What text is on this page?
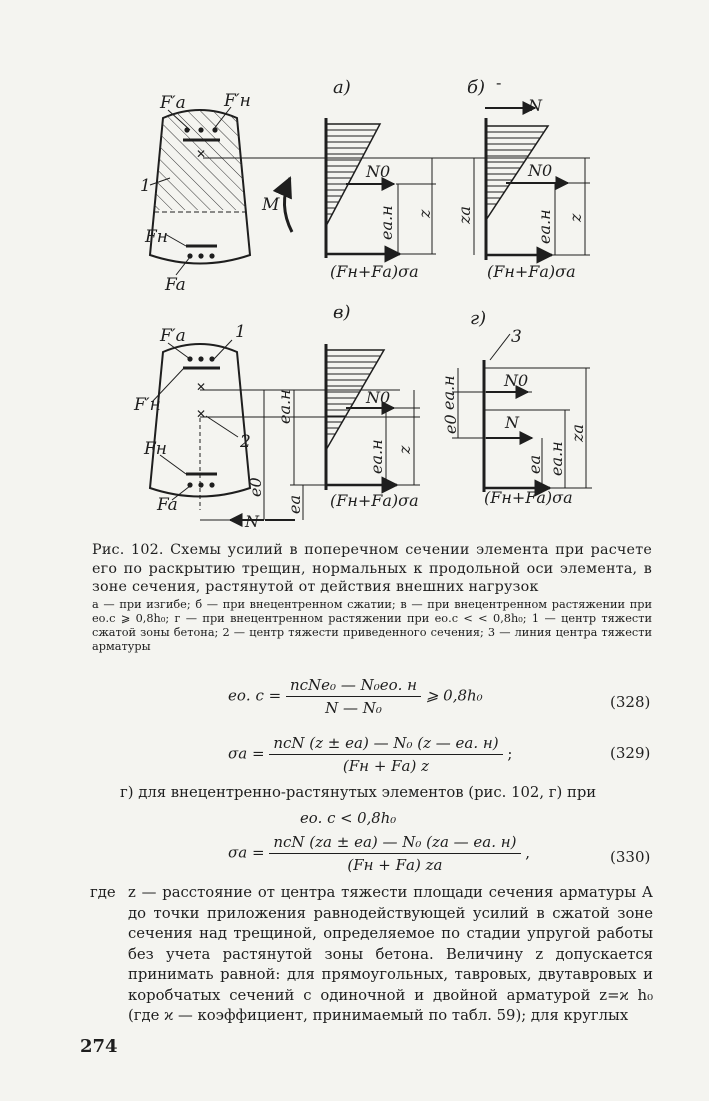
✕
F′a F′н
1
Fн
Fa
M
а)
N0
ea.н z
(Fн+Fа)σа
б) -
N
N0
za	ea.н z
(Fн+Fа)σа
✕
✕
F′a	1
F′н
Fн	2
Fa
N
в)
ea.н	N0
ea.н z
e0
ea (Fн+Fа)σа
г)
3
ea.н
e0
N0
N
ea ea.н
za
(Fн+Fа)σа
Рис. 102. Схемы усилий в поперечном сечении элемента при расчете его по раскрытию трещин, нормальных к продольной оси элемента, в зоне сечения, растянутой от действия внешних нагрузок
а — при изгибе; б — при внецентренном сжатии; в — при внецентренном растяжении при eо.с ⩾ 0,8h₀; г — при внецентренном растяжении при eо.с < < 0,8h₀; 1 — центр тяжести сжатой зоны бетона; 2 — центр тяжести приведенного сечения; 3 — линия центра тяжести арматуры
eо. $с = \frac{\text{nсNe₀ — N₀eо. н}}{\text{N — N₀}}$ ⩾ 0,8h₀	(328)
$\sigma а = \frac{\text{nсN (z ± eа) — N₀ (z — eа. н)}}{(Fн + Fа) z}$ ;	(329)
г) для внецентренно-растянутых элементов (рис. 102, г) при
eо. с < 0,8h₀
$\sigma а = \frac{\text{nсN (zа ± eа) — N₀ (zа — eа. н)}}{(Fн + Fа) zа}$ ,	(330)
где z — расстояние от центра тяжести площади сечения арматуры А до точки приложения равнодействующей усилий в сжатой зоне сечения над трещиной, определяемое по стадии упругой работы без учета растянутой зоны бетона. Величину z допускается принимать равной: для прямоугольных, тавровых, двутавровых и коробчатых сечений с одиночной и двойной арматурой z=ϰ h₀ (где ϰ — коэффициент, принимаемый по табл. 59); для круглых
274
